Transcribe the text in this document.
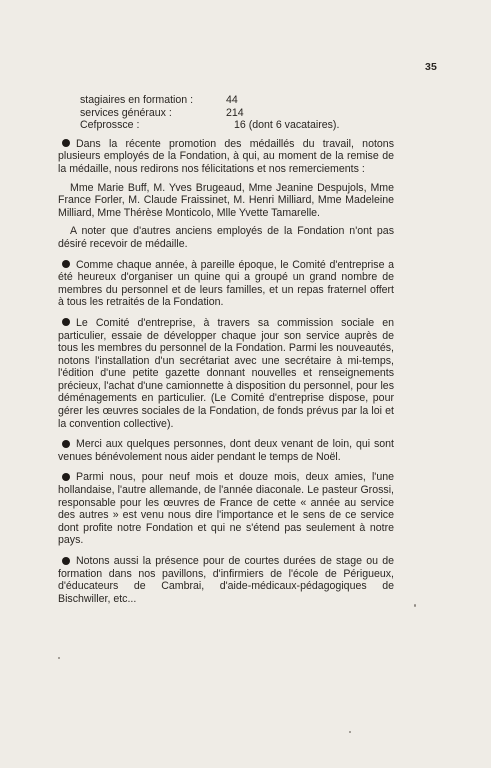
35
stagiaires en formation :	44
services généraux :	214
Cefprossce :	16 (dont 6 vacataires).

Dans la récente promotion des médaillés du travail, notons plusieurs employés de la Fondation, à qui, au moment de la remise de la médaille, nous redirons nos félicitations et nos remerciements :

Mme Marie Buff, M. Yves Brugeaud, Mme Jeanine Despujols, Mme France Forler, M. Claude Fraissinet, M. Henri Milliard, Mme Madeleine Milliard, Mme Thérèse Monticolo, Mlle Yvette Tamarelle.

A noter que d'autres anciens employés de la Fondation n'ont pas désiré recevoir de médaille.

Comme chaque année, à pareille époque, le Comité d'entreprise a été heureux d'organiser un quine qui a groupé un grand nombre de membres du personnel et de leurs familles, et un repas fraternel offert à tous les retraités de la Fondation.

Le Comité d'entreprise, à travers sa commission sociale en particulier, essaie de développer chaque jour son service auprès de tous les membres du personnel de la Fondation. Parmi les nouveautés, notons l'installation d'un secrétariat avec une secrétaire à mi-temps, l'édition d'une petite gazette donnant nouvelles et renseignements précieux, l'achat d'une camionnette à disposition du personnel, pour les déménagements en particulier. (Le Comité d'entreprise dispose, pour gérer les œuvres sociales de la Fondation, de fonds prévus par la loi et la convention collective).

Merci aux quelques personnes, dont deux venant de loin, qui sont venues bénévolement nous aider pendant le temps de Noël.

Parmi nous, pour neuf mois et douze mois, deux amies, l'une hollandaise, l'autre allemande, de l'année diaconale. Le pasteur Grossi, responsable pour les œuvres de France de cette « année au service des autres » est venu nous dire l'importance et le sens de ce service dont profite notre Fondation et qui ne s'étend pas seulement à notre pays.

Notons aussi la présence pour de courtes durées de stage ou de formation dans nos pavillons, d'infirmiers de l'école de Périgueux, d'éducateurs de Cambrai, d'aide-médicaux-pédagogiques de Bischwiller, etc...
